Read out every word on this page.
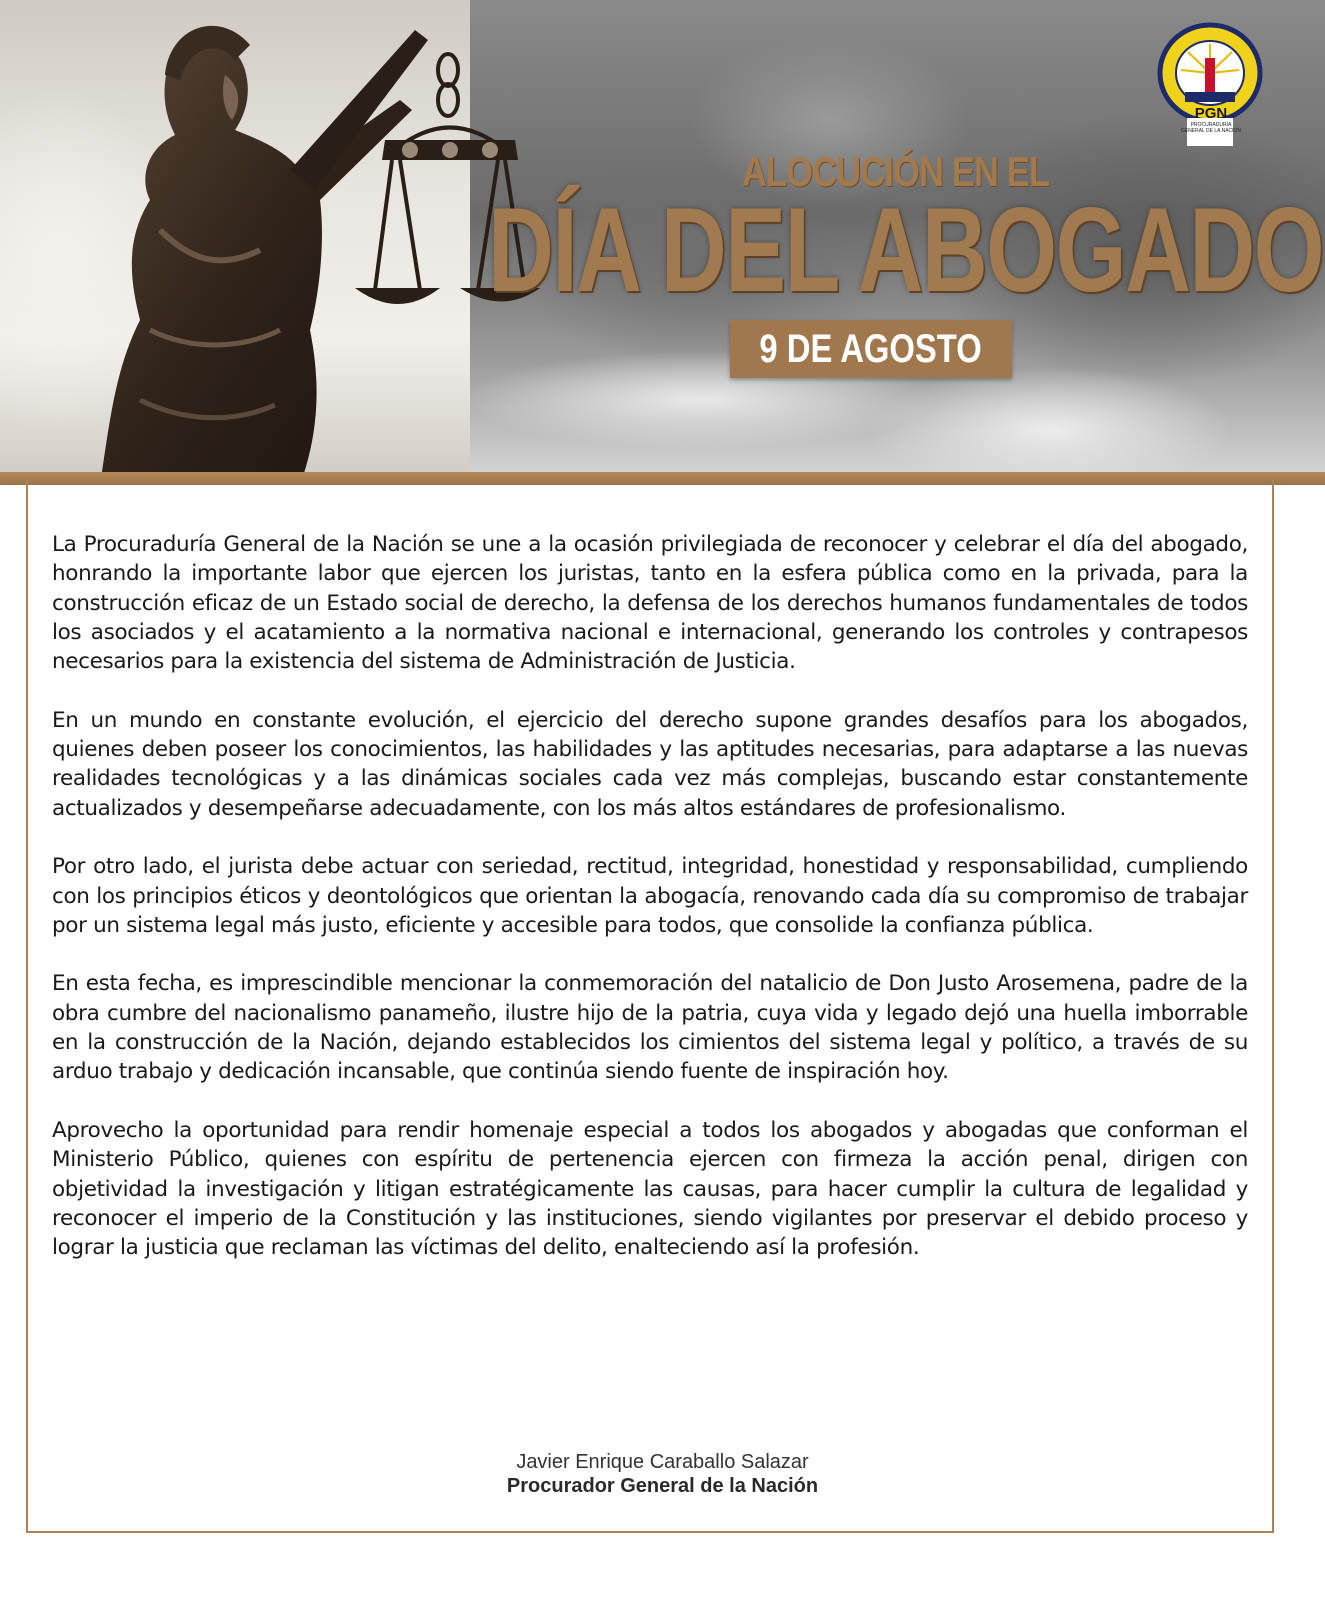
PGN
PROCURADURÍA GENERAL DE LA NACIÓN
ALOCUCIÓN EN EL
DÍA DEL ABOGADO
9 DE AGOSTO

La Procuraduría General de la Nación se une a la ocasión privilegiada de reconocer y celebrar el día del abogado, honrando la importante labor que ejercen los juristas, tanto en la esfera pública como en la privada, para la construcción eficaz de un Estado social de derecho, la defensa de los derechos humanos fundamentales de todos los asociados y el acatamiento a la normativa nacional e internacional, generando los controles y contrapesos necesarios para la existencia del sistema de Administración de Justicia.

En un mundo en constante evolución, el ejercicio del derecho supone grandes desafíos para los abogados, quienes deben poseer los conocimientos, las habilidades y las aptitudes necesarias, para adaptarse a las nuevas realidades tecnológicas y a las dinámicas sociales cada vez más complejas, buscando estar constantemente actualizados y desempeñarse adecuadamente, con los más altos estándares de profesionalismo.

Por otro lado, el jurista debe actuar con seriedad, rectitud, integridad, honestidad y responsabilidad, cumpliendo con los principios éticos y deontológicos que orientan la abogacía, renovando cada día su compromiso de trabajar por un sistema legal más justo, eficiente y accesible para todos, que consolide la confianza pública.

En esta fecha, es imprescindible mencionar la conmemoración del natalicio de Don Justo Arosemena, padre de la obra cumbre del nacionalismo panameño, ilustre hijo de la patria, cuya vida y legado dejó una huella imborrable en la construcción de la Nación, dejando establecidos los cimientos del sistema legal y político, a través de su arduo trabajo y dedicación incansable, que continúa siendo fuente de inspiración hoy.

Aprovecho la oportunidad para rendir homenaje especial a todos los abogados y abogadas que conforman el Ministerio Público, quienes con espíritu de pertenencia ejercen con firmeza la acción penal, dirigen con objetividad la investigación y litigan estratégicamente las causas, para hacer cumplir la cultura de legalidad y reconocer el imperio de la Constitución y las instituciones, siendo vigilantes por preservar el debido proceso y lograr la justicia que reclaman las víctimas del delito, enalteciendo así la profesión.

Javier Enrique Caraballo Salazar
Procurador General de la Nación
